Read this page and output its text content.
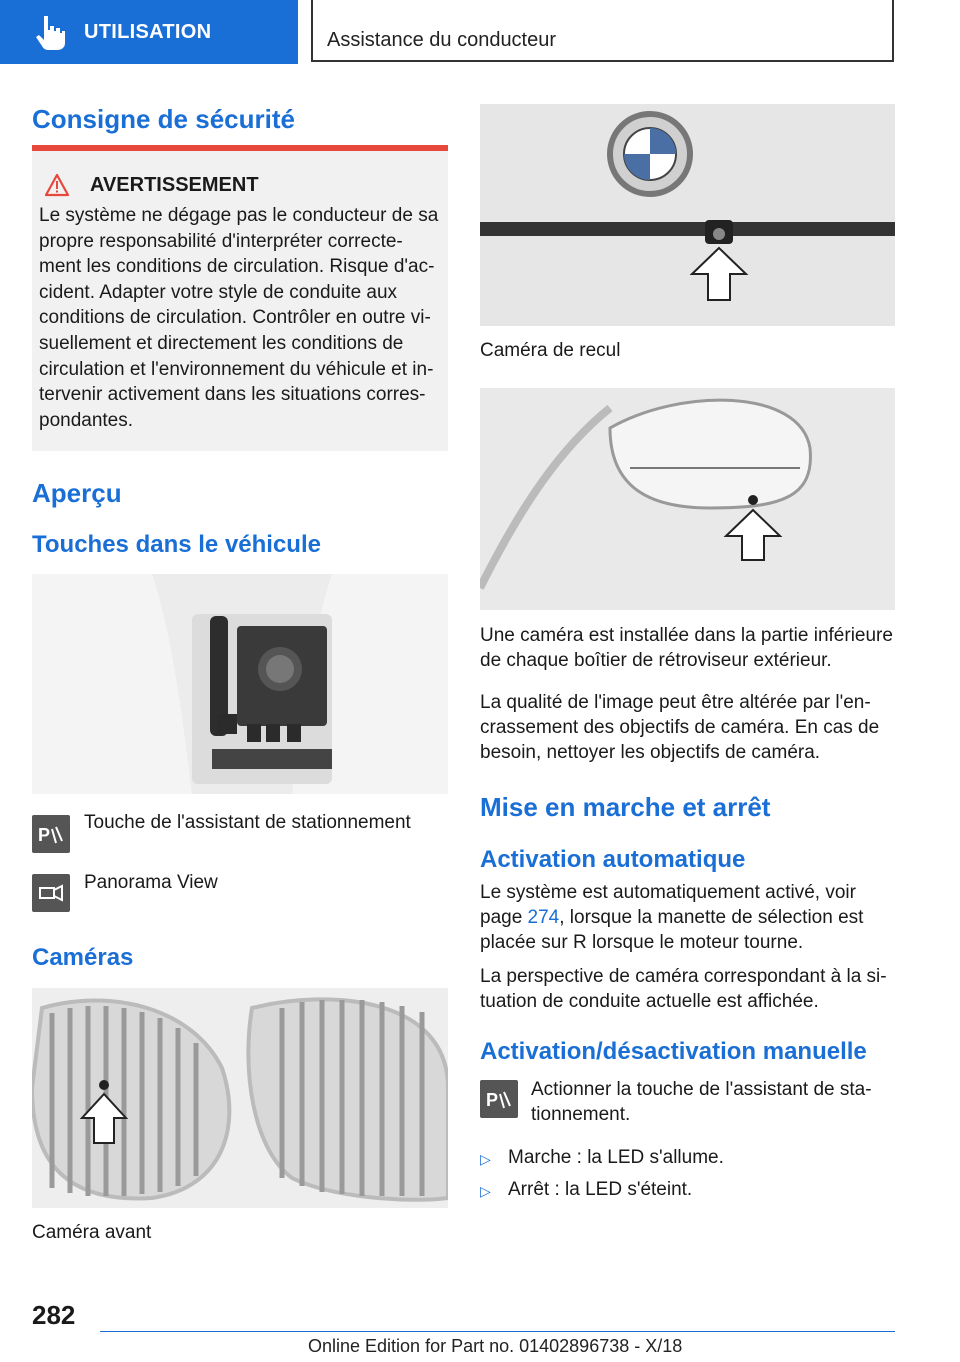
UTILISATION	Assistance du conducteur
Consigne de sécurité
AVERTISSEMENT
Le système ne dégage pas le conducteur de sa
propre responsabilité d'interpréter correcte-
ment les conditions de circulation. Risque d'ac-
cident. Adapter votre style de conduite aux
conditions de circulation. Contrôler en outre vi-
suellement et directement les conditions de
circulation et l'environnement du véhicule et in-
tervenir activement dans les situations corres-
pondantes.
Aperçu
Touches dans le véhicule
P
Touche de l'assistant de stationnement
Panorama View
Caméras
Caméra avant
Caméra de recul
Une caméra est installée dans la partie inférieure
de chaque boîtier de rétroviseur extérieur.
La qualité de l'image peut être altérée par l'en-
crassement des objectifs de caméra. En cas de
besoin, nettoyer les objectifs de caméra.
Mise en marche et arrêt
Activation automatique
Le système est automatiquement activé, voir
page 274, lorsque la manette de sélection est
placée sur R lorsque le moteur tourne.
La perspective de caméra correspondant à la si-
tuation de conduite actuelle est affichée.
Activation/désactivation manuelle
P Actionner la touche de l'assistant de sta-
tionnement.
▷ Marche : la LED s'allume.
▷ Arrêt : la LED s'éteint.
282
Online Edition for Part no. 01402896738 - X/18
